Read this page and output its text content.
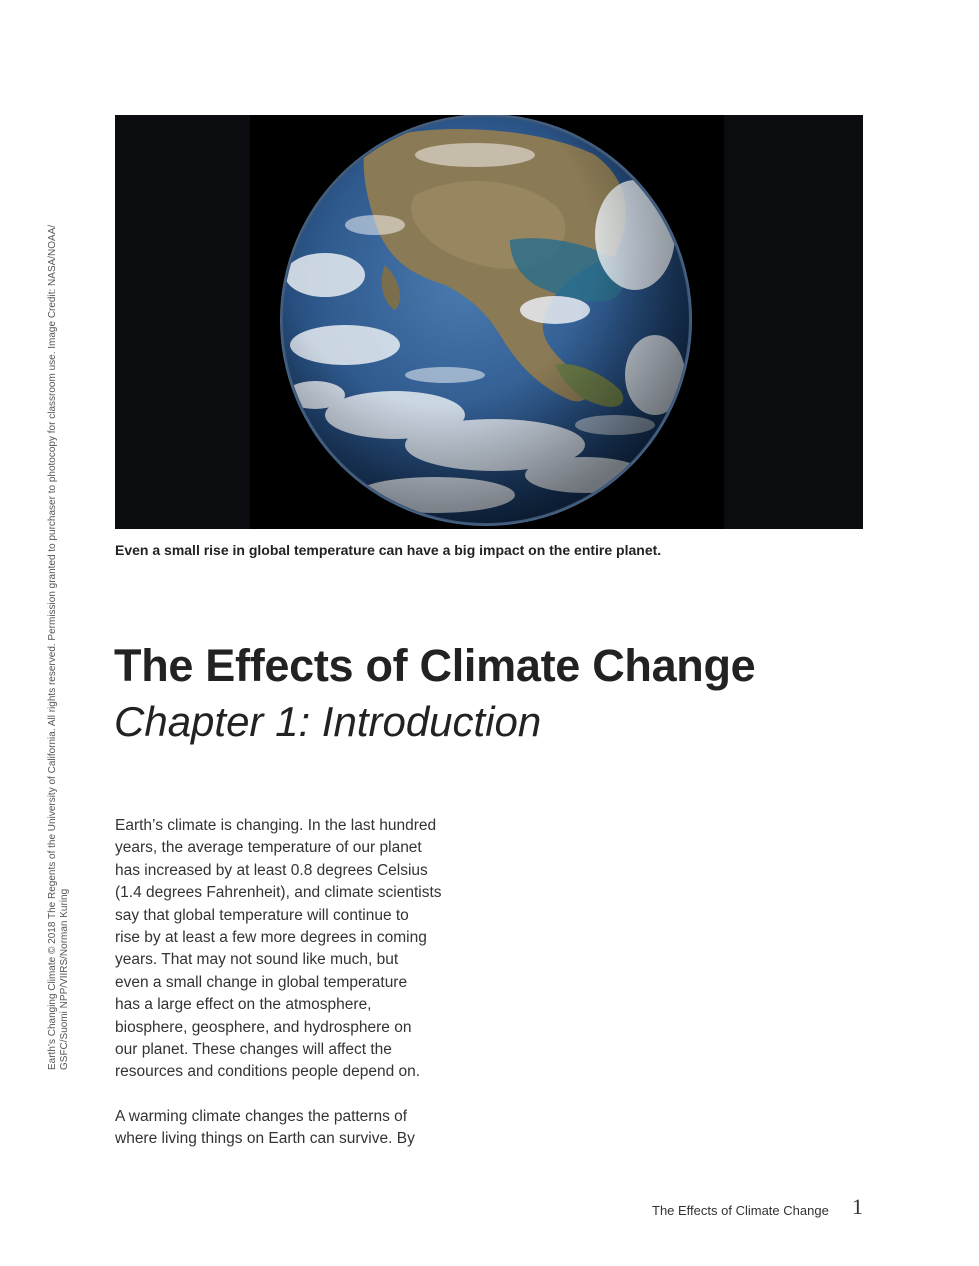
Earth’s Changing Climate © 2018 The Regents of the University of California. All rights reserved. Permission granted to purchaser to photocopy for classroom use. Image Credit: NASA/NOAA/ GSFC/Suomi NPP/VIIRS/Norman Kuring
Even a small rise in global temperature can have a big impact on the entire planet.
The Effects of Climate Change
Chapter 1: Introduction

Earth’s climate is changing. In the last hundred
years, the average temperature of our planet
has increased by at least 0.8 degrees Celsius
(1.4 degrees Fahrenheit), and climate scientists
say that global temperature will continue to
rise by at least a few more degrees in coming
years. That may not sound like much, but
even a small change in global temperature
has a large effect on the atmosphere,
biosphere, geosphere, and hydrosphere on
our planet. These changes will affect the
resources and conditions people depend on.

A warming climate changes the patterns of
where living things on Earth can survive. By

The Effects of Climate Change 1
